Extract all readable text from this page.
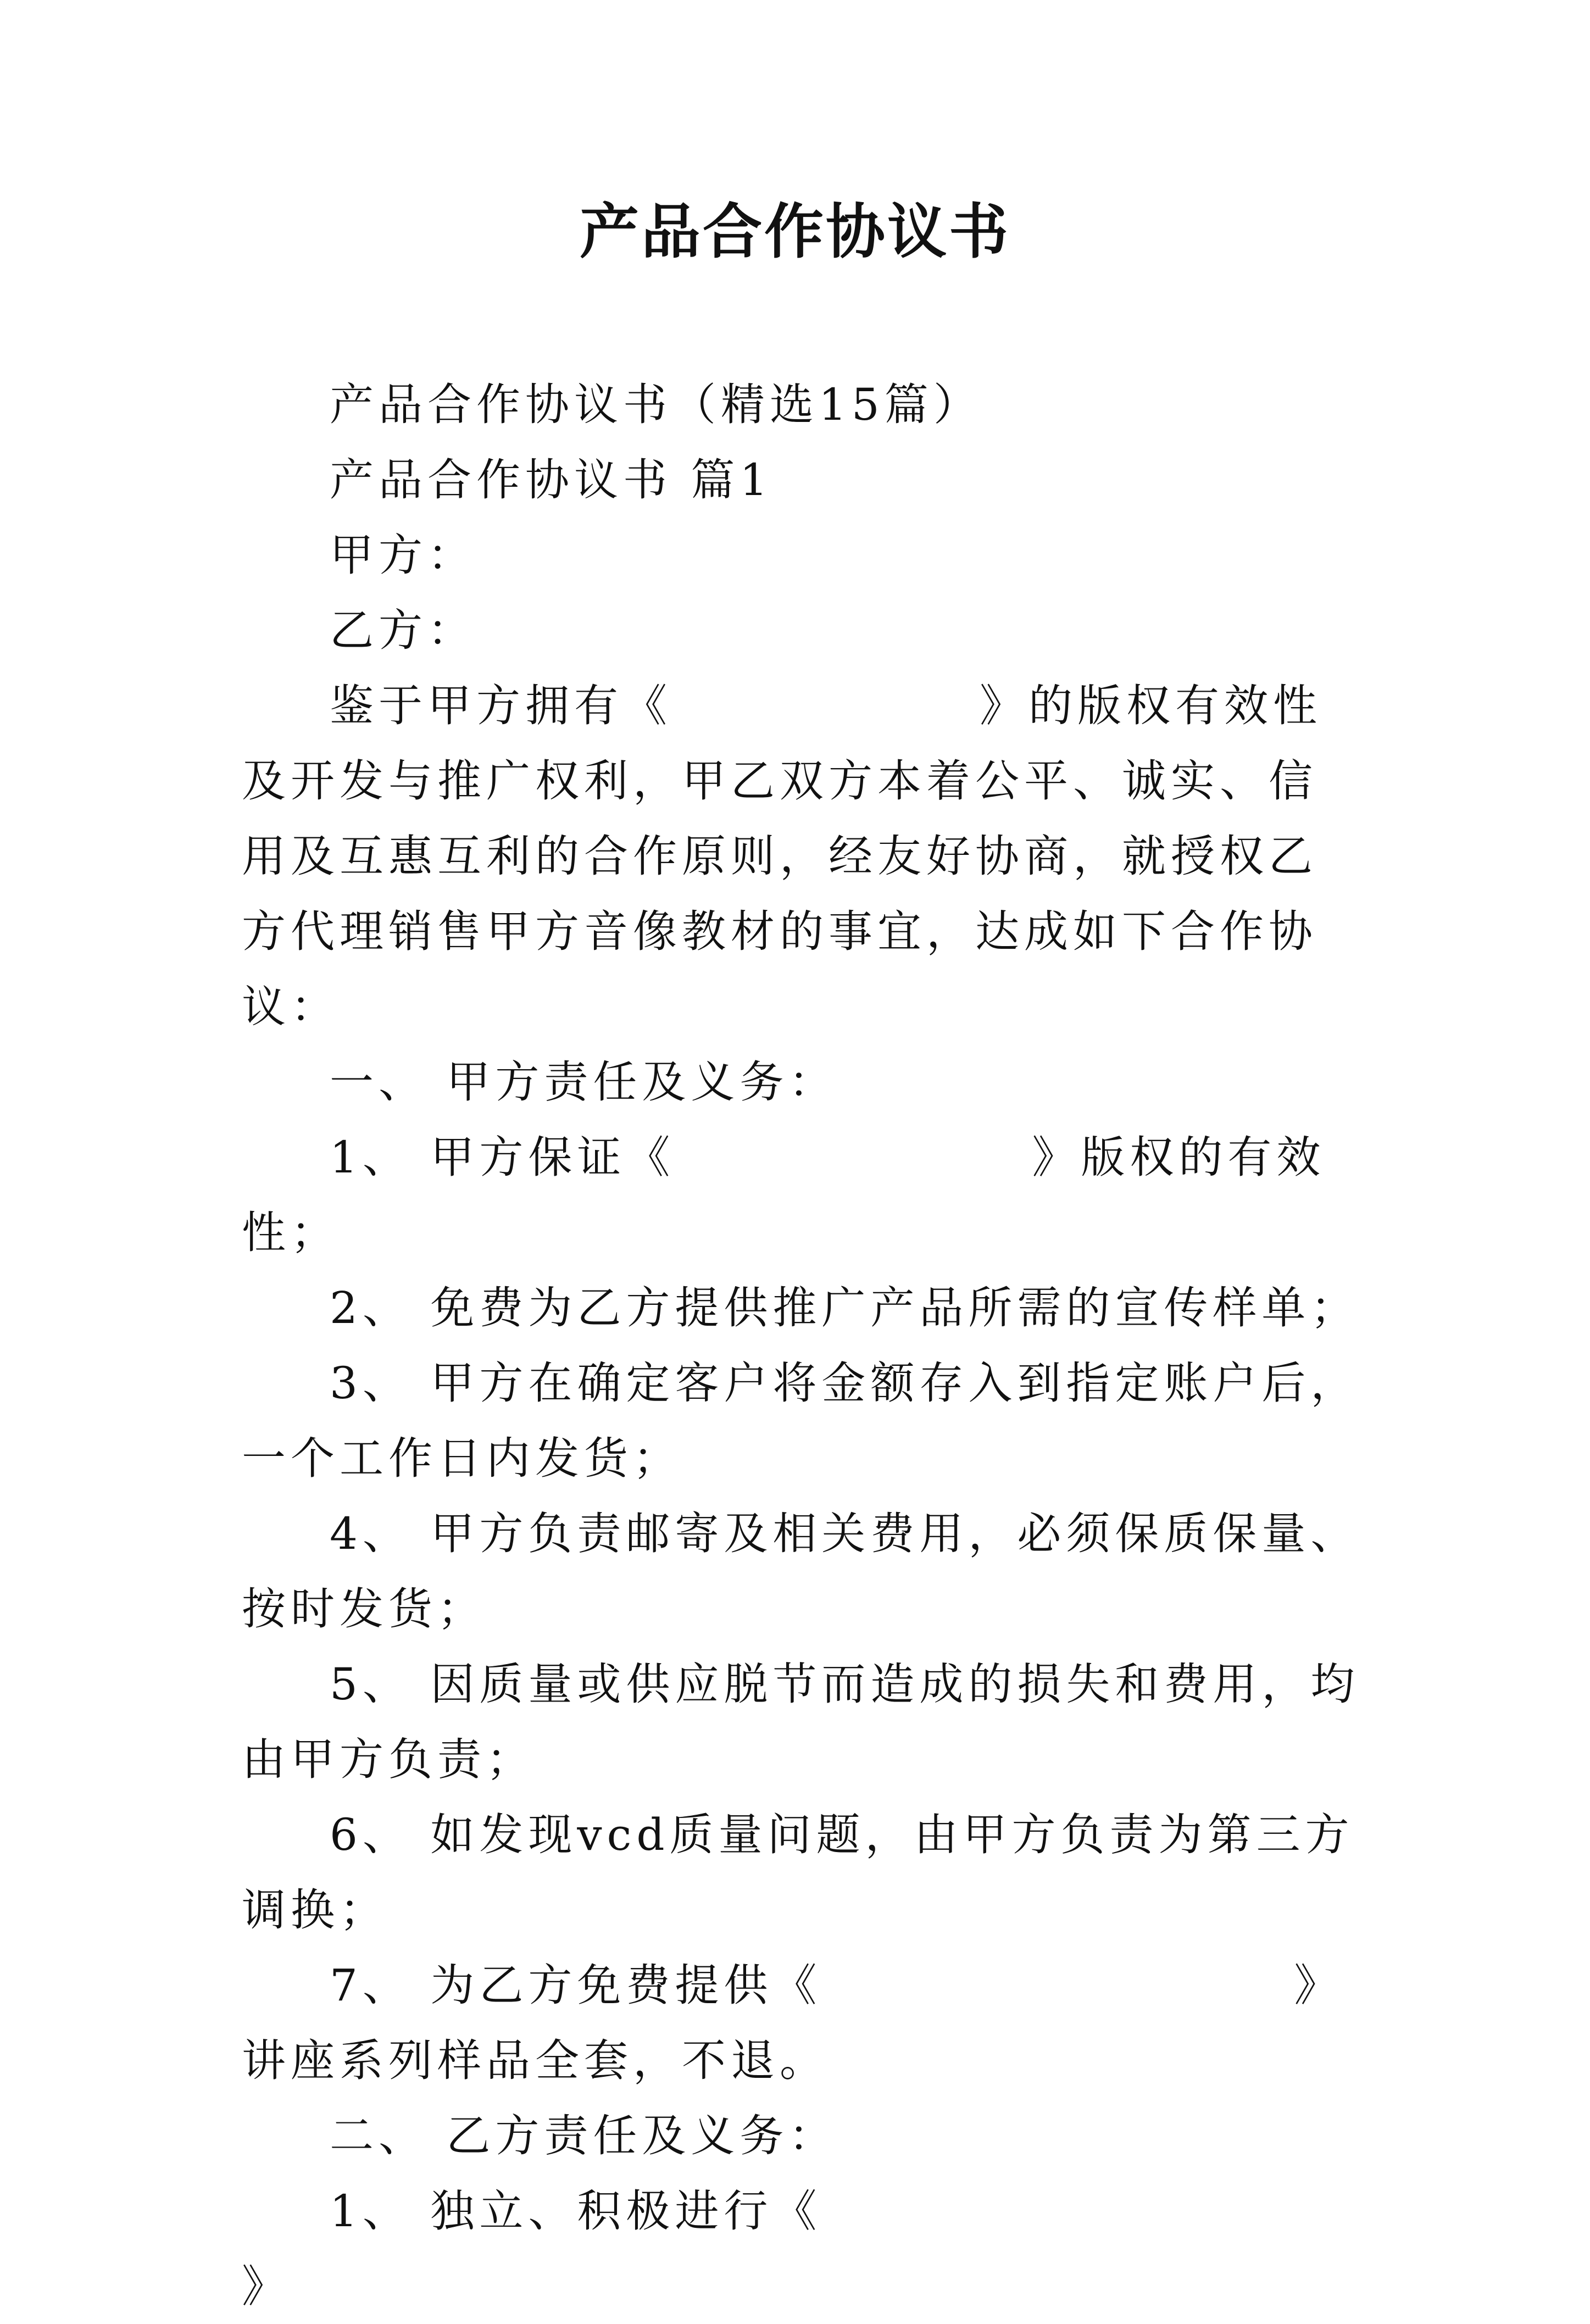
产品合作协议书

产品合作协议书（精选15篇）

产品合作协议书 篇1

甲方：

乙方：

鉴于甲方拥有《	》的版权有效性及开发与推广权利，甲乙双方本着公平、诚实、信用及互惠互利的合作原则，经友好协商，就授权乙方代理销售甲方音像教材的事宜，达成如下合作协议：

一、 甲方责任及义务：

1、 甲方保证《	》版权的有效性；

2、 免费为乙方提供推广产品所需的宣传样单；

3、 甲方在确定客户将金额存入到指定账户后，一个工作日内发货；

4、 甲方负责邮寄及相关费用，必须保质保量、按时发货；

5、 因质量或供应脱节而造成的损失和费用，均由甲方负责；

6、 如发现vcd质量问题，由甲方负责为第三方调换；

7、 为乙方免费提供《	》讲座系列样品全套，不退。

二、 乙方责任及义务：

1、 独立、积极进行《》
